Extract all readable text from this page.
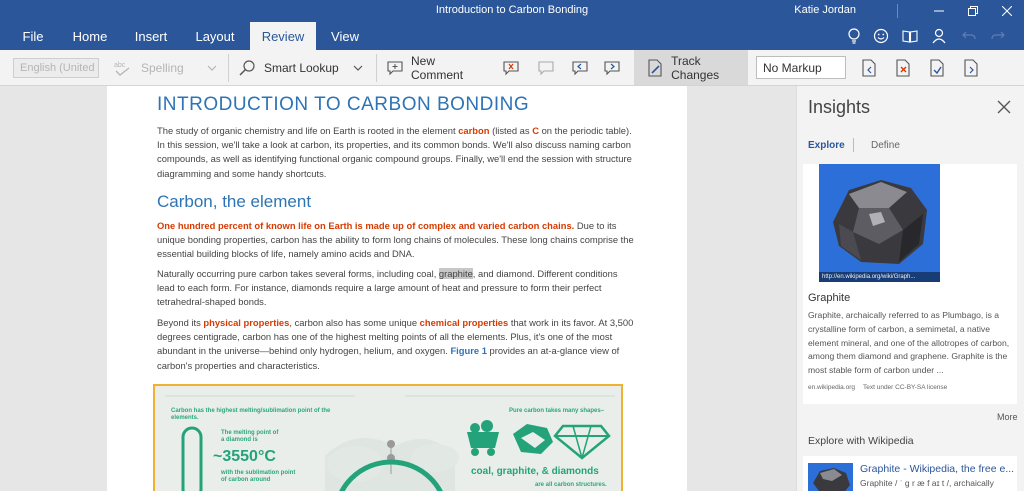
Introduction to Carbon Bonding	Katie Jordan
File	Home	Insert	Layout	Review	View
English (United	abc Spelling	Smart Lookup	New Comment
Track Changes	No Markup
INTRODUCTION TO CARBON BONDING

The study of organic chemistry and life on Earth is rooted in the element carbon (listed as C on the periodic table). In this session, we'll take a look at carbon, its properties, and its common bonds. We'll also discuss naming carbon compounds, as well as identifying functional organic compound groups. Finally, we'll end the session with structure diagramming and some handy shortcuts.

Carbon, the element

One hundred percent of known life on Earth is made up of complex and varied carbon chains. Due to its unique bonding properties, carbon has the ability to form long chains of molecules. These long chains comprise the essential building blocks of life, namely amino acids and DNA.

Naturally occurring pure carbon takes several forms, including coal, graphite, and diamond. Different conditions lead to each form. For instance, diamonds require a large amount of heat and pressure to form their perfect tetrahedral-shaped bonds.

Beyond its physical properties, carbon also has some unique chemical properties that work in its favor. At 3,500 degrees centigrade, carbon has one of the highest melting points of all the elements. Plus, it's one of the most abundant in the universe—behind only hydrogen, helium, and oxygen. Figure 1 provides an at-a-glance view of carbon's properties and characteristics.

Carbon has the highest melting/sublimation point of the elements.
The melting point of a diamond is
~3550°C
with the sublimation point of carbon around
Pure carbon takes many shapes–
coal, graphite, & diamonds
are all carbon structures.
Insights
Explore	Define
http://en.wikipedia.org/wiki/Graph...
Graphite
Graphite, archaically referred to as Plumbago, is a crystalline form of carbon, a semimetal, a native element mineral, and one of the allotropes of carbon, among them diamond and graphene. Graphite is the most stable form of carbon under ...
en.wikipedia.org Text under CC-BY-SA license
More
Explore with Wikipedia
Graphite - Wikipedia, the free e...
Graphite / ˈ ɡ r æ f aɪ t /, archaically
